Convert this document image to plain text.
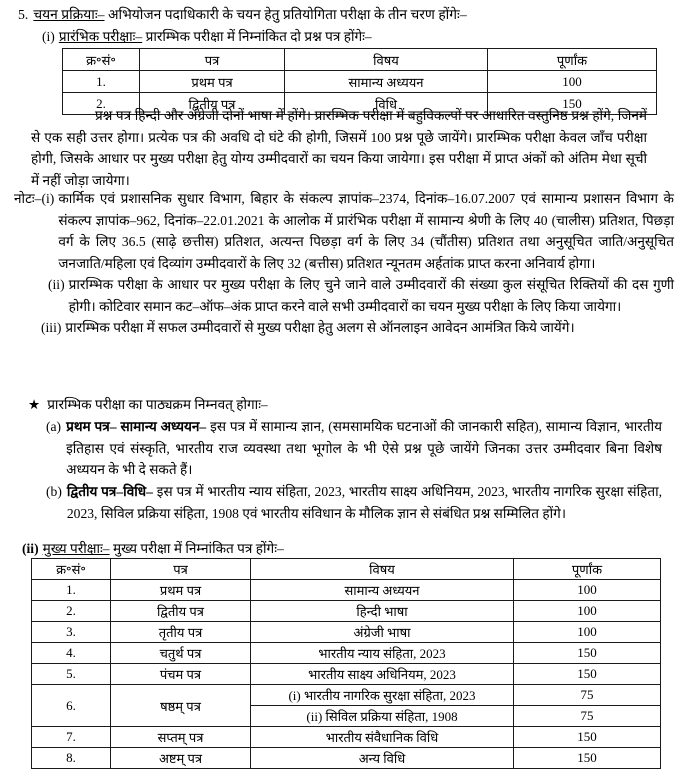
5. चयन प्रक्रियाः– अभियोजन पदाधिकारी के चयन हेतु प्रतियोगिता परीक्षा के तीन चरण होंगेः–
(i) प्रारंभिक परीक्षाः– प्रारम्भिक परीक्षा में निम्नांकित दो प्रश्न पत्र होंगेः–
क्र॰सं॰	पत्र	विषय	पूर्णांक
1.	प्रथम पत्र	सामान्य अध्ययन	100
2.	द्वितीय पत्र	विधि	150
प्रश्न पत्र हिन्दी और अंग्रेजी दोनों भाषा में होंगे। प्रारम्भिक परीक्षा में बहुविकल्पों पर आधारित वस्तुनिष्ठ प्रश्न होंगे, जिनमें से एक सही उत्तर होगा। प्रत्येक पत्र की अवधि दो घंटे की होगी, जिसमें 100 प्रश्न पूछे जायेंगे। प्रारम्भिक परीक्षा केवल जाँच परीक्षा होगी, जिसके आधार पर मुख्य परीक्षा हेतु योग्य उम्मीदवारों का चयन किया जायेगा। इस परीक्षा में प्राप्त अंकों को अंतिम मेधा सूची में नहीं जोड़ा जायेगा।
नोटः– (i) कार्मिक एवं प्रशासनिक सुधार विभाग, बिहार के संकल्प ज्ञापांक–2374, दिनांक–16.07.2007 एवं सामान्य प्रशासन विभाग के संकल्प ज्ञापांक–962, दिनांक–22.01.2021 के आलोक में प्रारंभिक परीक्षा में सामान्य श्रेणी के लिए 40 (चालीस) प्रतिशत, पिछड़ा वर्ग के लिए 36.5 (साढ़े छत्तीस) प्रतिशत, अत्यन्त पिछड़ा वर्ग के लिए 34 (चौंतीस) प्रतिशत तथा अनुसूचित जाति/अनुसूचित जनजाति/महिला एवं दिव्यांग उम्मीदवारों के लिए 32 (बत्तीस) प्रतिशत न्यूनतम अर्हतांक प्राप्त करना अनिवार्य होगा।
(ii) प्रारम्भिक परीक्षा के आधार पर मुख्य परीक्षा के लिए चुने जाने वाले उम्मीदवारों की संख्या कुल संसूचित रिक्तियों की दस गुणी होगी। कोटिवार समान कट–ऑफ–अंक प्राप्त करने वाले सभी उम्मीदवारों का चयन मुख्य परीक्षा के लिए किया जायेगा।
(iii) प्रारम्भिक परीक्षा में सफल उम्मीदवारों से मुख्य परीक्षा हेतु अलग से ऑनलाइन आवेदन आमंत्रित किये जायेंगे।
★ प्रारम्भिक परीक्षा का पाठ्यक्रम निम्नवत् होगाः–
(a) प्रथम पत्र– सामान्य अध्ययन– इस पत्र में सामान्य ज्ञान, (समसामयिक घटनाओं की जानकारी सहित), सामान्य विज्ञान, भारतीय इतिहास एवं संस्कृति, भारतीय राज व्यवस्था तथा भूगोल के भी ऐसे प्रश्न पूछे जायेंगे जिनका उत्तर उम्मीदवार बिना विशेष अध्ययन के भी दे सकते हैं।
(b) द्वितीय पत्र–विधि– इस पत्र में भारतीय न्याय संहिता, 2023, भारतीय साक्ष्य अधिनियम, 2023, भारतीय नागरिक सुरक्षा संहिता, 2023, सिविल प्रक्रिया संहिता, 1908 एवं भारतीय संविधान के मौलिक ज्ञान से संबंधित प्रश्न सम्मिलित होंगे।
(ii) मुख्य परीक्षाः– मुख्य परीक्षा में निम्नांकित पत्र होंगेः–
क्र॰सं॰	पत्र	विषय	पूर्णांक
1.	प्रथम पत्र	सामान्य अध्ययन	100
2.	द्वितीय पत्र	हिन्दी भाषा	100
3.	तृतीय पत्र	अंग्रेजी भाषा	100
4.	चतुर्थ पत्र	भारतीय न्याय संहिता, 2023	150
5.	पंचम पत्र	भारतीय साक्ष्य अधिनियम, 2023	150
6.	षष्ठम् पत्र	(i) भारतीय नागरिक सुरक्षा संहिता, 2023	75
		(ii) सिविल प्रक्रिया संहिता, 1908	75
7.	सप्तम् पत्र	भारतीय संवैधानिक विधि	150
8.	अष्टम् पत्र	अन्य विधि	150
